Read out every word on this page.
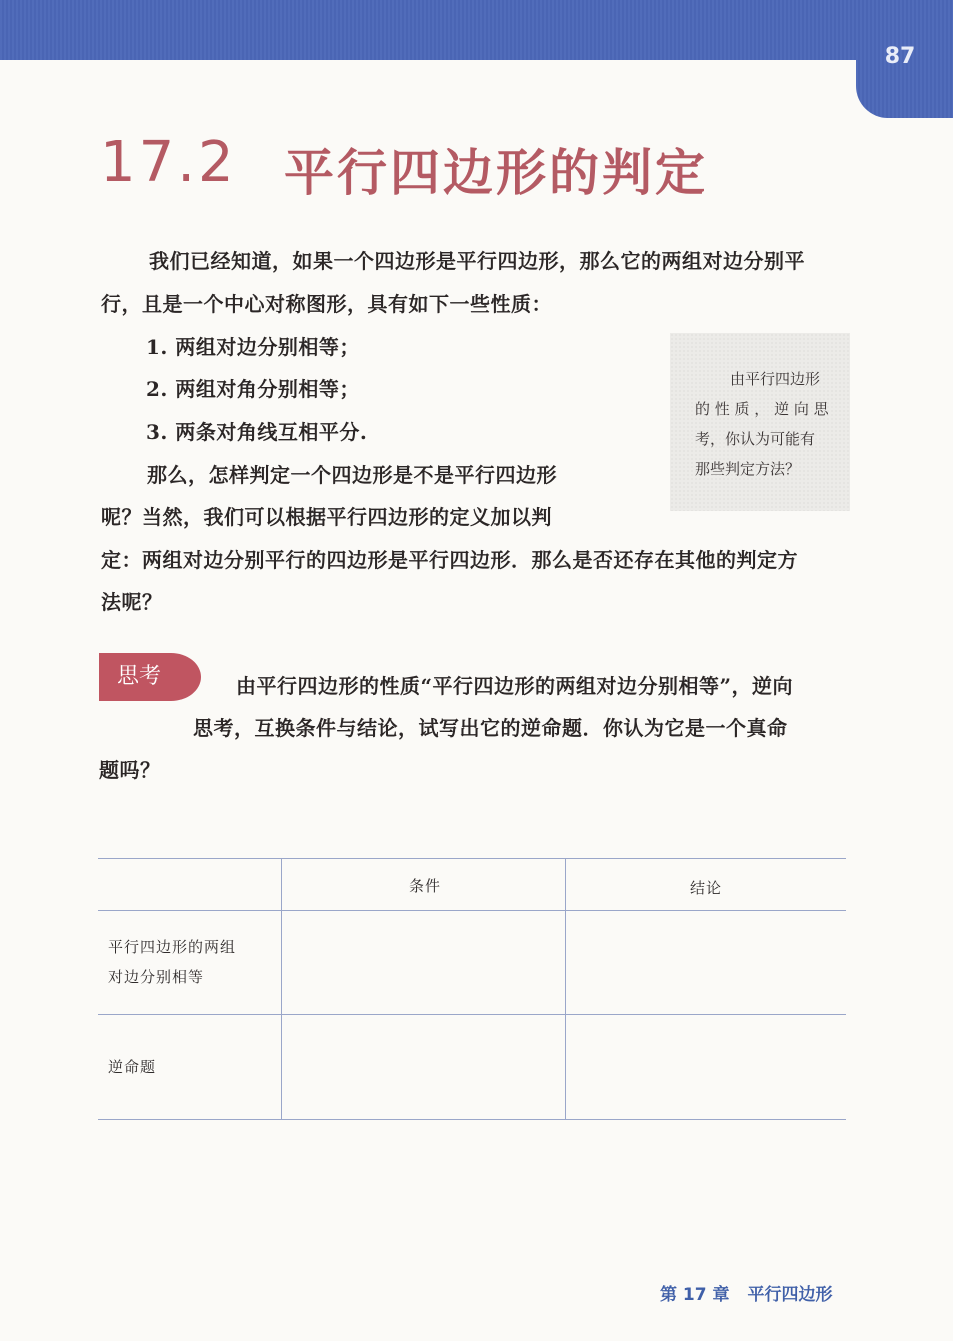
87
17.2 平行四边形的判定
我们已经知道，如果一个四边形是平行四边形，那么它的两组对边分别平
行，且是一个中心对称图形，具有如下一些性质：
1. 两组对边分别相等；
2. 两组对角分别相等；
3. 两条对角线互相平分.
那么，怎样判定一个四边形是不是平行四边形
呢？当然，我们可以根据平行四边形的定义加以判
定：两组对边分别平行的四边形是平行四边形．那么是否还存在其他的判定方
法呢？
由平行四边形
的 性 质 ， 逆 向 思
考，你认为可能有
那些判定方法？
思考	由平行四边形的性质“平行四边形的两组对边分别相等”，逆向
思考，互换条件与结论，试写出它的逆命题．你认为它是一个真命
题吗？
条件	结论
平行四边形的两组
对边分别相等
逆命题
第 17 章 平行四边形
